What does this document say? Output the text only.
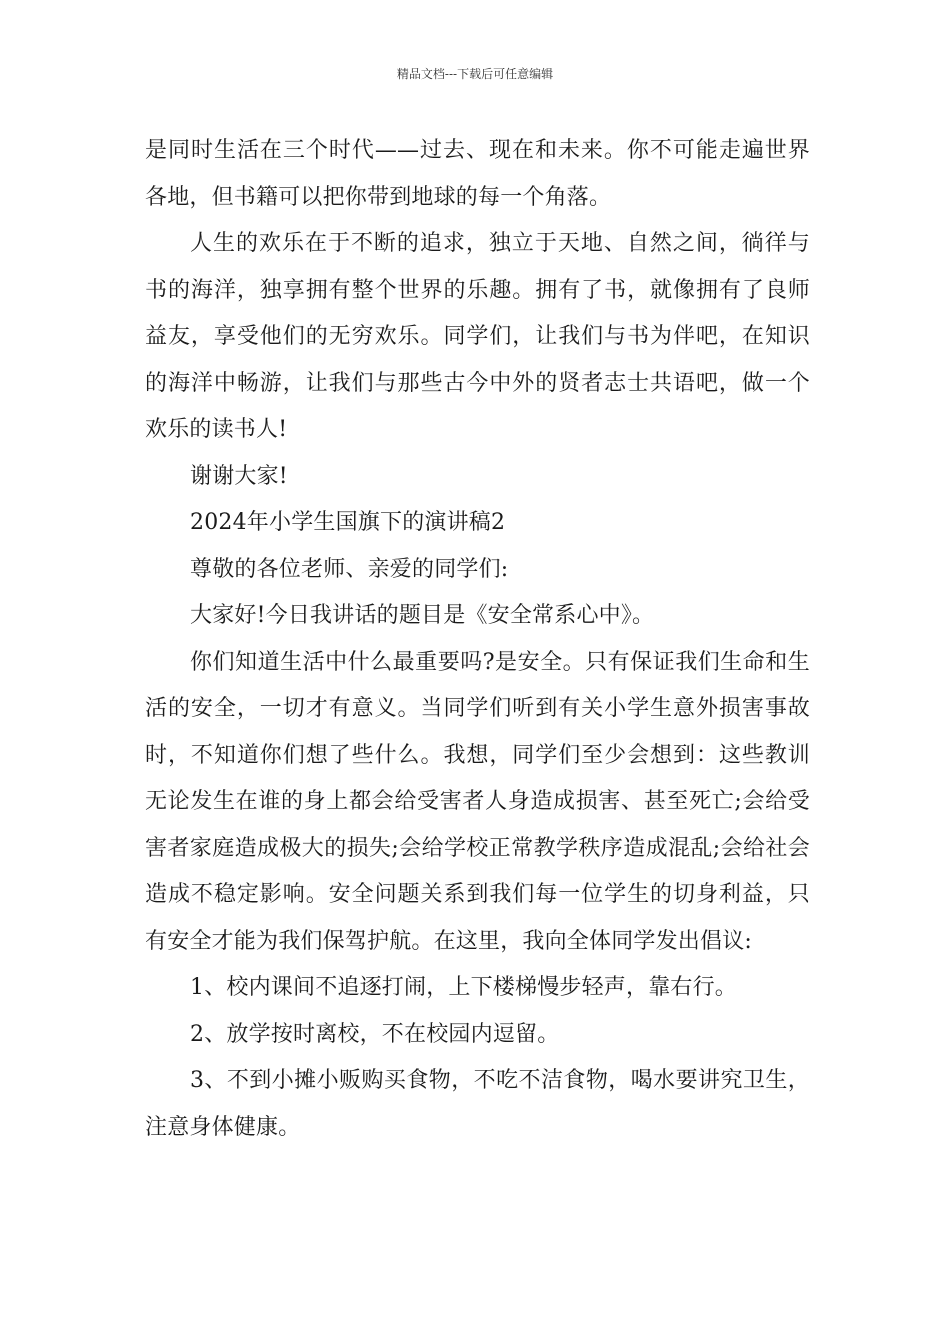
精品文档---下载后可任意编辑

是同时生活在三个时代——过去、现在和未来。你不可能走遍世界各地，但书籍可以把你带到地球的每一个角落。

人生的欢乐在于不断的追求，独立于天地、自然之间，徜徉与书的海洋，独享拥有整个世界的乐趣。拥有了书，就像拥有了良师益友，享受他们的无穷欢乐。同学们，让我们与书为伴吧，在知识的海洋中畅游，让我们与那些古今中外的贤者志士共语吧，做一个欢乐的读书人!

谢谢大家!

2024年小学生国旗下的演讲稿2

尊敬的各位老师、亲爱的同学们:

大家好!今日我讲话的题目是《安全常系心中》。

你们知道生活中什么最重要吗?是安全。只有保证我们生命和生活的安全，一切才有意义。当同学们听到有关小学生意外损害事故时，不知道你们想了些什么。我想，同学们至少会想到：这些教训无论发生在谁的身上都会给受害者人身造成损害、甚至死亡;会给受害者家庭造成极大的损失;会给学校正常教学秩序造成混乱;会给社会造成不稳定影响。安全问题关系到我们每一位学生的切身利益，只有安全才能为我们保驾护航。在这里，我向全体同学发出倡议:

1、校内课间不追逐打闹，上下楼梯慢步轻声，靠右行。

2、放学按时离校，不在校园内逗留。

3、不到小摊小贩购买食物，不吃不洁食物，喝水要讲究卫生，注意身体健康。
